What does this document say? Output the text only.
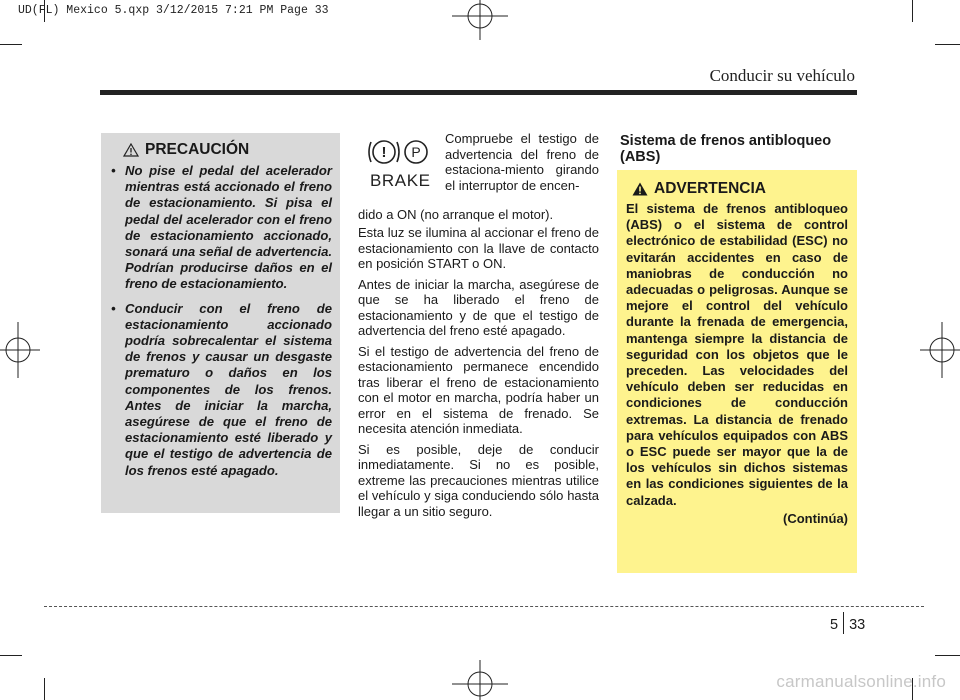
UD(FL) Mexico 5.qxp 3/12/2015 7:21 PM Page 33
Conducir su vehículo
PRECAUCIÓN
• No pise el pedal del acelerador mientras está accionado el freno de estacionamiento. Si pisa el pedal del acelerador con el freno de estacionamiento accionado, sonará una señal de advertencia. Podrían producirse daños en el freno de estacionamiento.
• Conducir con el freno de estacionamiento accionado podría sobrecalentar el sistema de frenos y causar un desgaste prematuro o daños en los componentes de los frenos. Antes de iniciar la marcha, asegúrese de que el freno de estacionamiento esté liberado y que el testigo de advertencia de los frenos esté apagado.
! P
BRAKE
Compruebe el testigo de advertencia del freno de estaciona-miento girando el interruptor de encen-
dido a ON (no arranque el motor).

Esta luz se ilumina al accionar el freno de estacionamiento con la llave de contacto en posición START o ON.

Antes de iniciar la marcha, asegúrese de que se ha liberado el freno de estacionamiento y de que el testigo de advertencia del freno esté apagado.

Si el testigo de advertencia del freno de estacionamiento permanece encendido tras liberar el freno de estacionamiento con el motor en marcha, podría haber un error en el sistema de frenado. Se necesita atención inmediata.

Si es posible, deje de conducir inmediatamente. Si no es posible, extreme las precauciones mientras utilice el vehículo y siga conduciendo sólo hasta llegar a un sitio seguro.

Sistema de frenos antibloqueo (ABS)
ADVERTENCIA
El sistema de frenos antibloqueo (ABS) o el sistema de control electrónico de estabilidad (ESC) no evitarán accidentes en caso de maniobras de conducción no adecuadas o peligrosas. Aunque se mejore el control del vehículo durante la frenada de emergencia, mantenga siempre la distancia de seguridad con los objetos que le preceden. Las velocidades del vehículo deben ser reducidas en condiciones de conducción extremas. La distancia de frenado para vehículos equipados con ABS o ESC puede ser mayor que la de los vehículos sin dichos sistemas en las condiciones siguientes de la calzada.
(Continúa)
5 33
carmanualsonline.info
